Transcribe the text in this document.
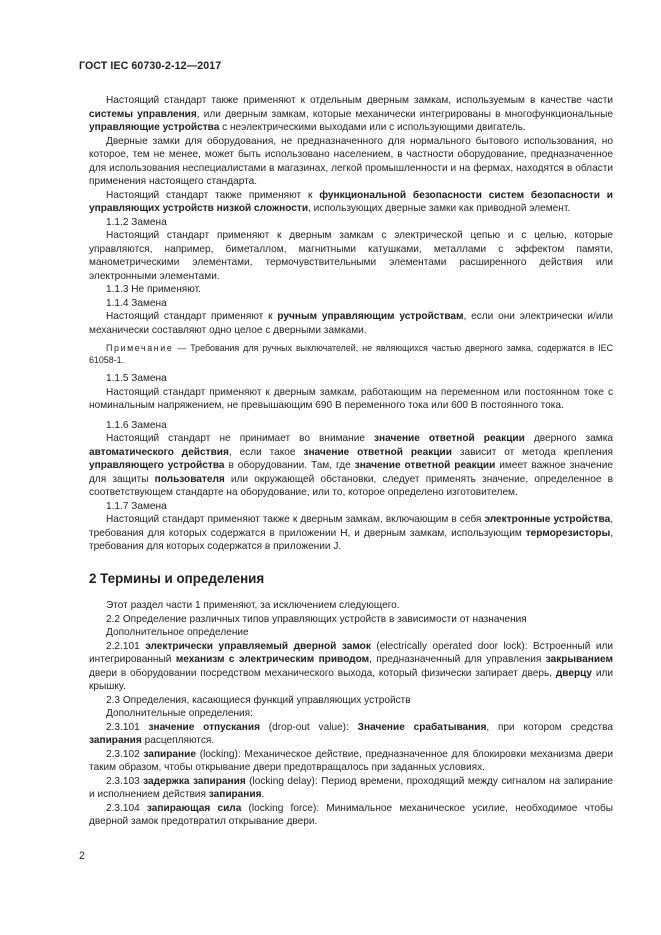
ГОСТ IEC 60730-2-12—2017

Настоящий стандарт также применяют к отдельным дверным замкам, используемым в качестве части системы управления, или дверным замкам, которые механически интегрированы в многофункциональные управляющие устройства с неэлектрическими выходами или с использующими двигатель.

Дверные замки для оборудования, не предназначенного для нормального бытового использования, но которое, тем не менее, может быть использовано населением, в частности оборудование, предназначенное для использования неспециалистами в магазинах, легкой промышленности и на фермах, находятся в области применения настоящего стандарта.

Настоящий стандарт также применяют к функциональной безопасности систем безопасности и управляющих устройств низкой сложности, использующих дверные замки как приводной элемент.

1.1.2 Замена

Настоящий стандарт применяют к дверным замкам с электрической цепью и с целью, которые управляются, например, биметаллом, магнитными катушками, металлами с эффектом памяти, манометрическими элементами, термочувствительными элементами расширенного действия или электронными элементами.

1.1.3 Не применяют.

1.1.4 Замена

Настоящий стандарт применяют к ручным управляющим устройствам, если они электрически и/или механически составляют одно целое с дверными замками.

Примечание — Требования для ручных выключателей, не являющихся частью дверного замка, содержатся в IEC 61058-1.

1.1.5 Замена

Настоящий стандарт применяют к дверным замкам, работающим на переменном или постоянном токе с номинальным напряжением, не превышающим 690 В переменного тока или 600 В постоянного тока.

1.1.6 Замена

Настоящий стандарт не принимает во внимание значение ответной реакции дверного замка автоматического действия, если такое значение ответной реакции зависит от метода крепления управляющего устройства в оборудовании. Там, где значение ответной реакции имеет важное значение для защиты пользователя или окружающей обстановки, следует применять значение, определенное в соответствующем стандарте на оборудование, или то, которое определено изготовителем.

1.1.7 Замена

Настоящий стандарт применяют также к дверным замкам, включающим в себя электронные устройства, требования для которых содержатся в приложении H, и дверным замкам, использующим терморезисторы, требования для которых содержатся в приложении J.

2 Термины и определения

Этот раздел части 1 применяют, за исключением следующего.

2.2 Определение различных типов управляющих устройств в зависимости от назначения

Дополнительное определение

2.2.101 электрически управляемый дверной замок (electrically operated door lock): Встроенный или интегрированный механизм с электрическим приводом, предназначенный для управления закрыванием двери в оборудовании посредством механического выхода, который физически запирает дверь, дверцу или крышку.

2.3 Определения, касающиеся функций управляющих устройств

Дополнительные определения:

2.3.101 значение отпускания (drop-out value): Значение срабатывания, при котором средства запирания расцепляются.

2.3.102 запирание (locking): Механическое действие, предназначенное для блокировки механизма двери таким образом, чтобы открывание двери предотвращалось при заданных условиях.

2.3.103 задержка запирания (locking delay): Период времени, проходящий между сигналом на запирание и исполнением действия запирания.

2.3.104 запирающая сила (locking force): Минимальное механическое усилие, необходимое чтобы дверной замок предотвратил открывание двери.

2
